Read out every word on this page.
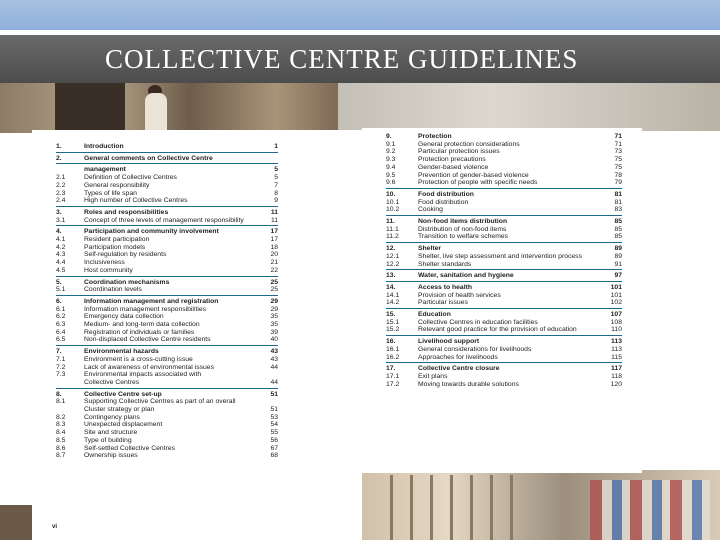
COLLECTIVE CENTRE GUIDELINES
1.	Introduction	1
2.	General comments on Collective Centre
management	5
2.1	Definition of Collective Centres	5
2.2	General responsibility	7
2.3	Types of life span	8
2.4	High number of Collective Centres	9
3.	Roles and responsibilities	11
3.1	Concept of three levels of management responsibility	11
4.	Participation and community involvement	17
4.1	Resident participation	17
4.2	Participation models	18
4.3	Self-regulation by residents	20
4.4	Inclusiveness	21
4.5	Host community	22
5.	Coordination mechanisms	25
5.1	Coordination levels	25
6.	Information management and registration	29
6.1	Information management responsibilities	29
6.2	Emergency data collection	35
6.3	Medium- and long-term data collection	35
6.4	Registration of individuals or families	39
6.5	Non-displaced Collective Centre residents	40
7.	Environmental hazards	43
7.1	Environment is a cross-cutting issue	43
7.2	Lack of awareness of environmental issues	44
7.3	Environmental impacts associated with
Collective Centres	44
8.	Collective Centre set-up	51
8.1	Supporting Collective Centres as part of an overall
Cluster strategy or plan	51
8.2	Contingency plans	53
8.3	Unexpected displacement	54
8.4	Site and structure	55
8.5	Type of building	56
8.6	Self-settled Collective Centres	67
8.7	Ownership issues	68
9.	Protection	71
9.1	General protection considerations	71
9.2	Particular protection issues	73
9.3	Protection precautions	75
9.4	Gender-based violence	75
9.5	Prevention of gender-based violence	78
9.6	Protection of people with specific needs	79
10.	Food distribution	81
10.1	Food distribution	81
10.2	Cooking	83
11.	Non-food items distribution	85
11.1	Distribution of non-food items	85
11.2	Transition to welfare schemes	85
12.	Shelter	89
12.1	Shelter, live step assessment and intervention process	89
12.2	Shelter standards	91
13.	Water, sanitation and hygiene	97
14.	Access to health	101
14.1	Provision of health services	101
14.2	Particular issues	102
15.	Education	107
15.1	Collective Centres in education facilities	108
15.2	Relevant good practice for the provision of education	110
16.	Livelihood support	113
16.1	General considerations for livelihoods	113
16.2	Approaches for livelihoods	115
17.	Collective Centre closure	117
17.1	Exit plans	118
17.2	Moving towards durable solutions	120
vi
